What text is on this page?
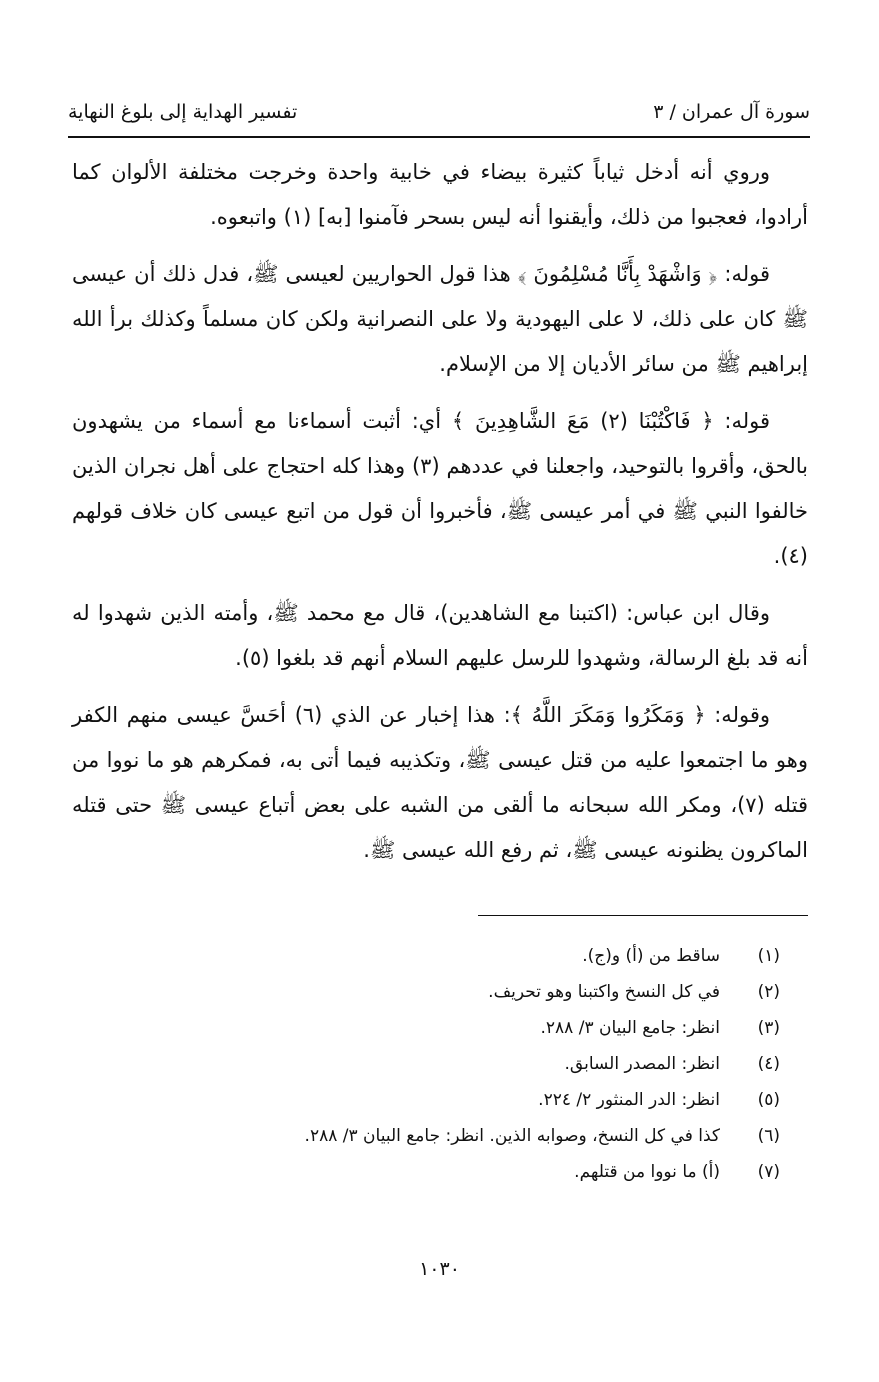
تفسير الهداية إلى بلوغ النهاية	سورة آل عمران / ٣

وروي أنه أدخل ثياباً كثيرة بيضاء في خابية واحدة وخرجت مختلفة الألوان كما أرادوا، فعجبوا من ذلك، وأيقنوا أنه ليس بسحر فآمنوا [به] (١) واتبعوه.

قوله: ﴿ وَاشْهَدْ بِأَنَّا مُسْلِمُونَ ﴾ هذا قول الحواريين لعيسى ﷺ، فدل ذلك أن عيسى ﷺ كان على ذلك، لا على اليهودية ولا على النصرانية ولكن كان مسلماً وكذلك برأ الله إبراهيم ﷺ من سائر الأديان إلا من الإسلام.

قوله: ﴿ فَاكْتُبْنَا (٢) مَعَ الشَّاهِدِينَ ﴾ أي: أثبت أسماءنا مع أسماء من يشهدون بالحق، وأقروا بالتوحيد، واجعلنا في عددهم (٣) وهذا كله احتجاج على أهل نجران الذين خالفوا النبي ﷺ في أمر عيسى ﷺ، فأخبروا أن قول من اتبع عيسى كان خلاف قولهم (٤).

وقال ابن عباس: (اكتبنا مع الشاهدين)، قال مع محمد ﷺ، وأمته الذين شهدوا له أنه قد بلغ الرسالة، وشهدوا للرسل عليهم السلام أنهم قد بلغوا (٥).

وقوله: ﴿ وَمَكَرُوا وَمَكَرَ اللَّهُ ﴾: هذا إخبار عن الذي (٦) أحَسَّ عيسى منهم الكفر وهو ما اجتمعوا عليه من قتل عيسى ﷺ، وتكذيبه فيما أتى به، فمكرهم هو ما نووا من قتله (٧)، ومكر الله سبحانه ما ألقى من الشبه على بعض أتباع عيسى ﷺ حتى قتله الماكرون يظنونه عيسى ﷺ، ثم رفع الله عيسى ﷺ.

(١)
ساقط من (أ) و(ج).
(٢)
في كل النسخ واكتبنا وهو تحريف.
(٣)
انظر: جامع البيان ٣/ ٢٨٨.
(٤)
انظر: المصدر السابق.
(٥)
انظر: الدر المنثور ٢/ ٢٢٤.
(٦)
كذا في كل النسخ، وصوابه الذين. انظر: جامع البيان ٣/ ٢٨٨.
(٧)
(أ) ما نووا من قتلهم.
١٠٣٠
